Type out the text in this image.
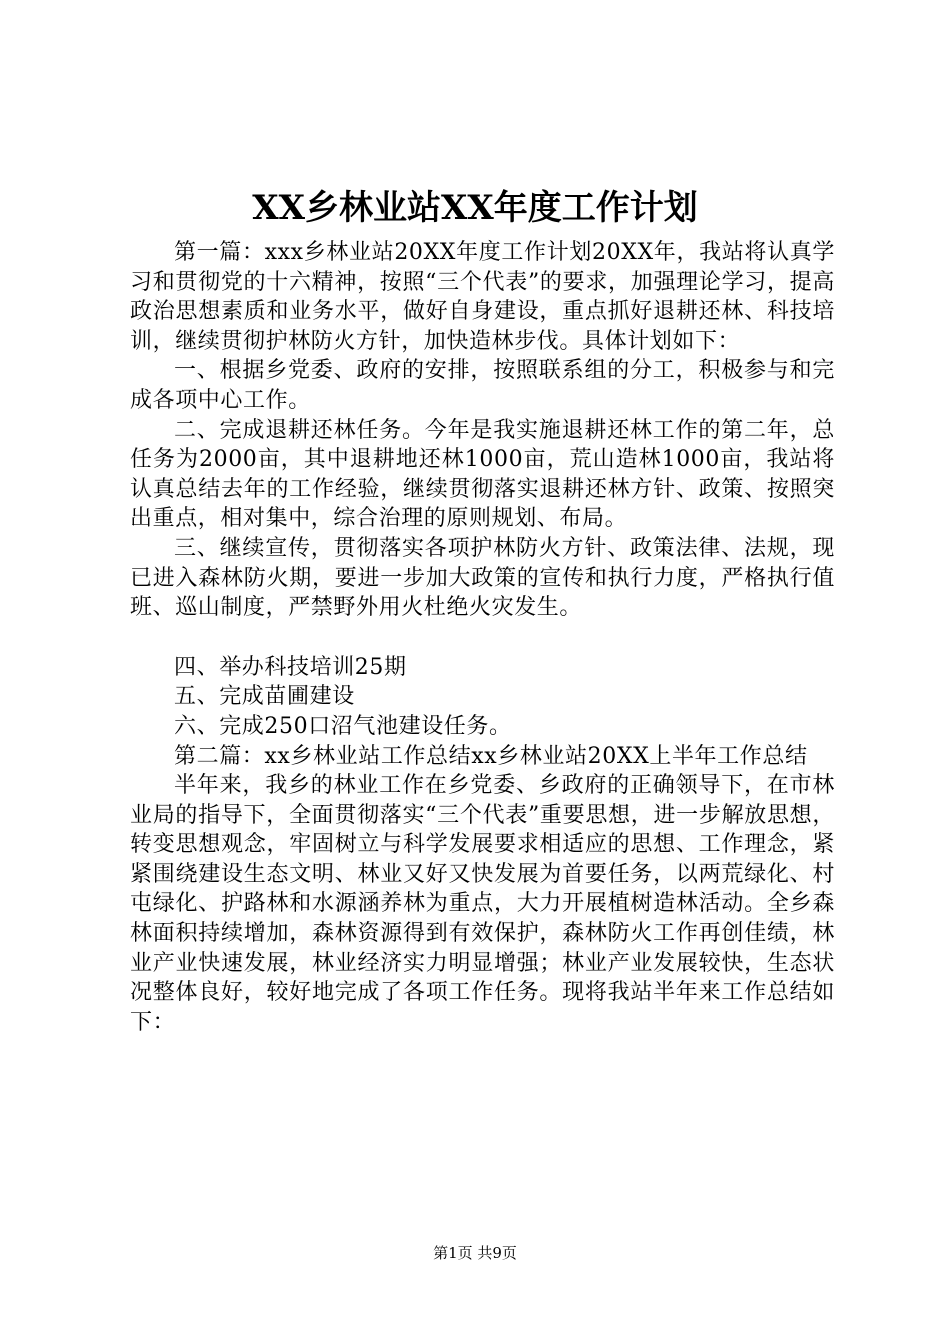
XX乡林业站XX年度工作计划

第一篇：xxx乡林业站20XX年度工作计划20XX年，我站将认真学习和贯彻党的十六精神，按照“三个代表”的要求，加强理论学习，提高政治思想素质和业务水平，做好自身建设，重点抓好退耕还林、科技培训，继续贯彻护林防火方针，加快造林步伐。具体计划如下：

一、根据乡党委、政府的安排，按照联系组的分工，积极参与和完成各项中心工作。

二、完成退耕还林任务。今年是我实施退耕还林工作的第二年，总任务为2000亩，其中退耕地还林1000亩，荒山造林1000亩，我站将认真总结去年的工作经验，继续贯彻落实退耕还林方针、政策、按照突出重点，相对集中，综合治理的原则规划、布局。

三、继续宣传，贯彻落实各项护林防火方针、政策法律、法规，现已进入森林防火期，要进一步加大政策的宣传和执行力度，严格执行值班、巡山制度，严禁野外用火杜绝火灾发生。

四、举办科技培训25期

五、完成苗圃建设

六、完成250口沼气池建设任务。

第二篇：xx乡林业站工作总结xx乡林业站20XX上半年工作总结

半年来，我乡的林业工作在乡党委、乡政府的正确领导下，在市林业局的指导下，全面贯彻落实“三个代表”重要思想，进一步解放思想，转变思想观念，牢固树立与科学发展要求相适应的思想、工作理念，紧紧围绕建设生态文明、林业又好又快发展为首要任务，以两荒绿化、村屯绿化、护路林和水源涵养林为重点，大力开展植树造林活动。全乡森林面积持续增加，森林资源得到有效保护，森林防火工作再创佳绩，林业产业快速发展，林业经济实力明显增强；林业产业发展较快，生态状况整体良好，较好地完成了各项工作任务。现将我站半年来工作总结如下：

第1页 共9页
